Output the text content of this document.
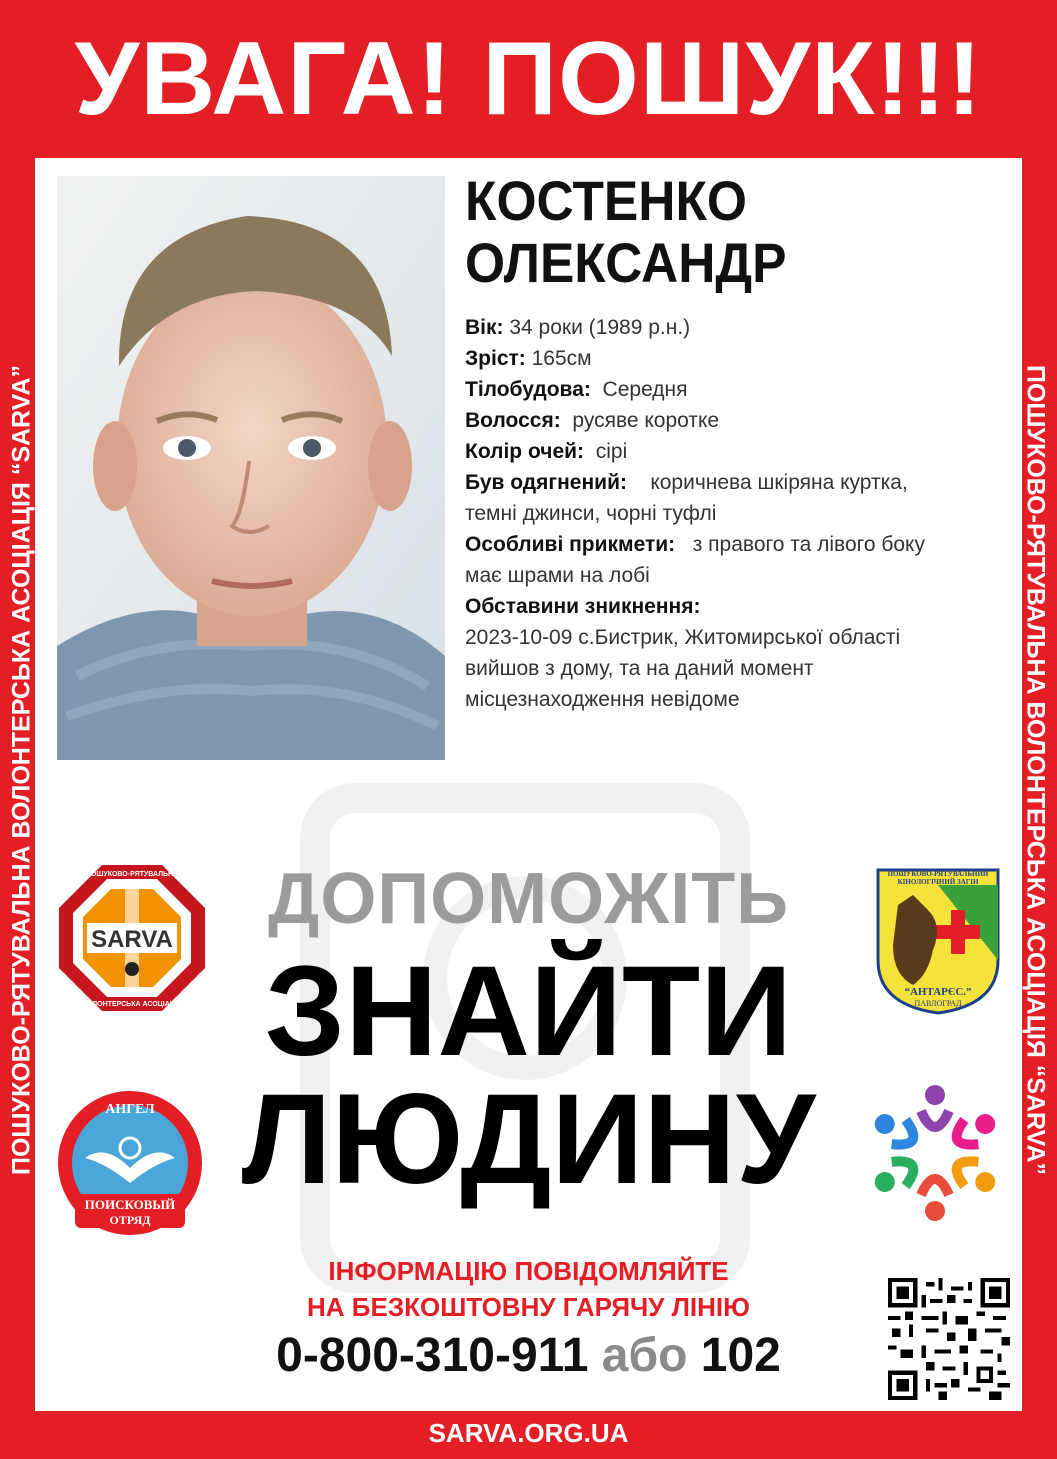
УВАГА! ПОШУК!!!
ПОШУКОВО-РЯТУВАЛЬНА ВОЛОНТЕРСЬКА АСОЦІАЦІЯ “SARVA”	ПОШУКОВО-РЯТУВАЛЬНА ВОЛОНТЕРСЬКА АСОЦІАЦІЯ “SARVA”
КОСТЕНКО
ОЛЕКСАНДР
Вік: 34 роки (1989 р.н.)
Зріст: 165см
Тілобудова: Середня
Волосся: русяве коротке
Колір очей: сірі
Був одягнений: коричнева шкіряна куртка,
темні джинси, чорні туфлі
Особливі прикмети: з правого та лівого боку
має шрами на лобі
Обставини зникнення:
2023-10-09 с.Бистрик, Житомирської області
вийшов з дому, та на даний момент
місцезнаходження невідоме
ДОПОМОЖІТЬ
ЗНАЙТИ
ЛЮДИНУ
SARVA
ПОШУКОВО-РЯТУВАЛЬНА
ВОЛОНТЕРСЬКА АСОЦІАЦІЯ
ПОШУКОВО-РЯТУВАЛЬНИЙ
КІНОЛОГІЧНИЙ ЗАГІН
“АНТАРЄС.”
ПАВЛОГРАД
АНГЕЛ
ПОИСКОВЫЙ
ОТРЯД
ІНФОРМАЦІЮ ПОВІДОМЛЯЙТЕ
НА БЕЗКОШТОВНУ ГАРЯЧУ ЛІНІЮ
0-800-310-911 або 102
SARVA.ORG.UA
